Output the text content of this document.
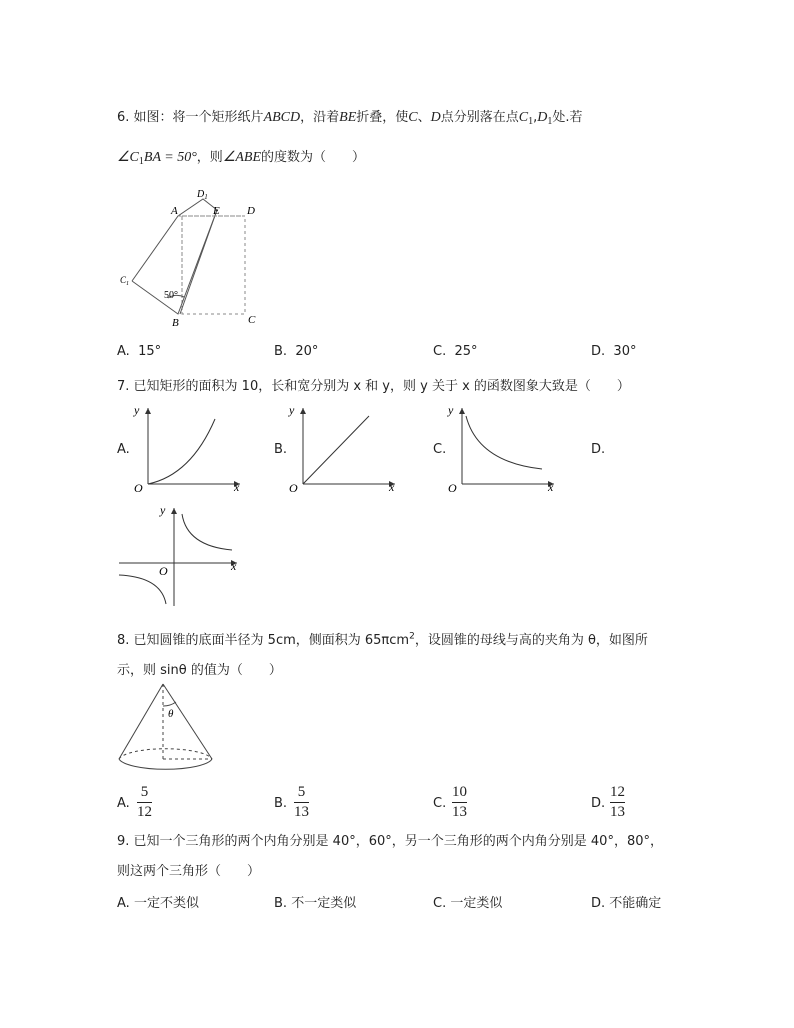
6. 如图：将一个矩形纸片ABCD，沿着BE折叠，使C、D点分别落在点$C_1,D_1$处.若
$\angle C_1BA = 50^\circ$，则∠ABE的度数为（　　）
$D_1$
A	E D
$C_1$
B	C
50°
A. 15°	B. 20°	C. 25°	D. 30°
7. 已知矩形的面积为 10，长和宽分别为 x 和 y，则 y 关于 x 的函数图象大致是（　　）
A.
O	x
y
B.
O	x
y
C.
O	x
y
D.
O	x
y
8. 已知圆锥的底面半径为 5cm，侧面积为 65πcm$^2$，设圆锥的母线与高的夹角为 θ，如图所
示，则 sinθ 的值为（　　）
θ
A.
5
12
B.
5
13
C.
10
13
D.
12
13
9. 已知一个三角形的两个内角分别是 40°，60°，另一个三角形的两个内角分别是 40°，80°，
则这两个三角形（　　）
A. 一定不类似	B. 不一定类似	C. 一定类似	D. 不能确定
